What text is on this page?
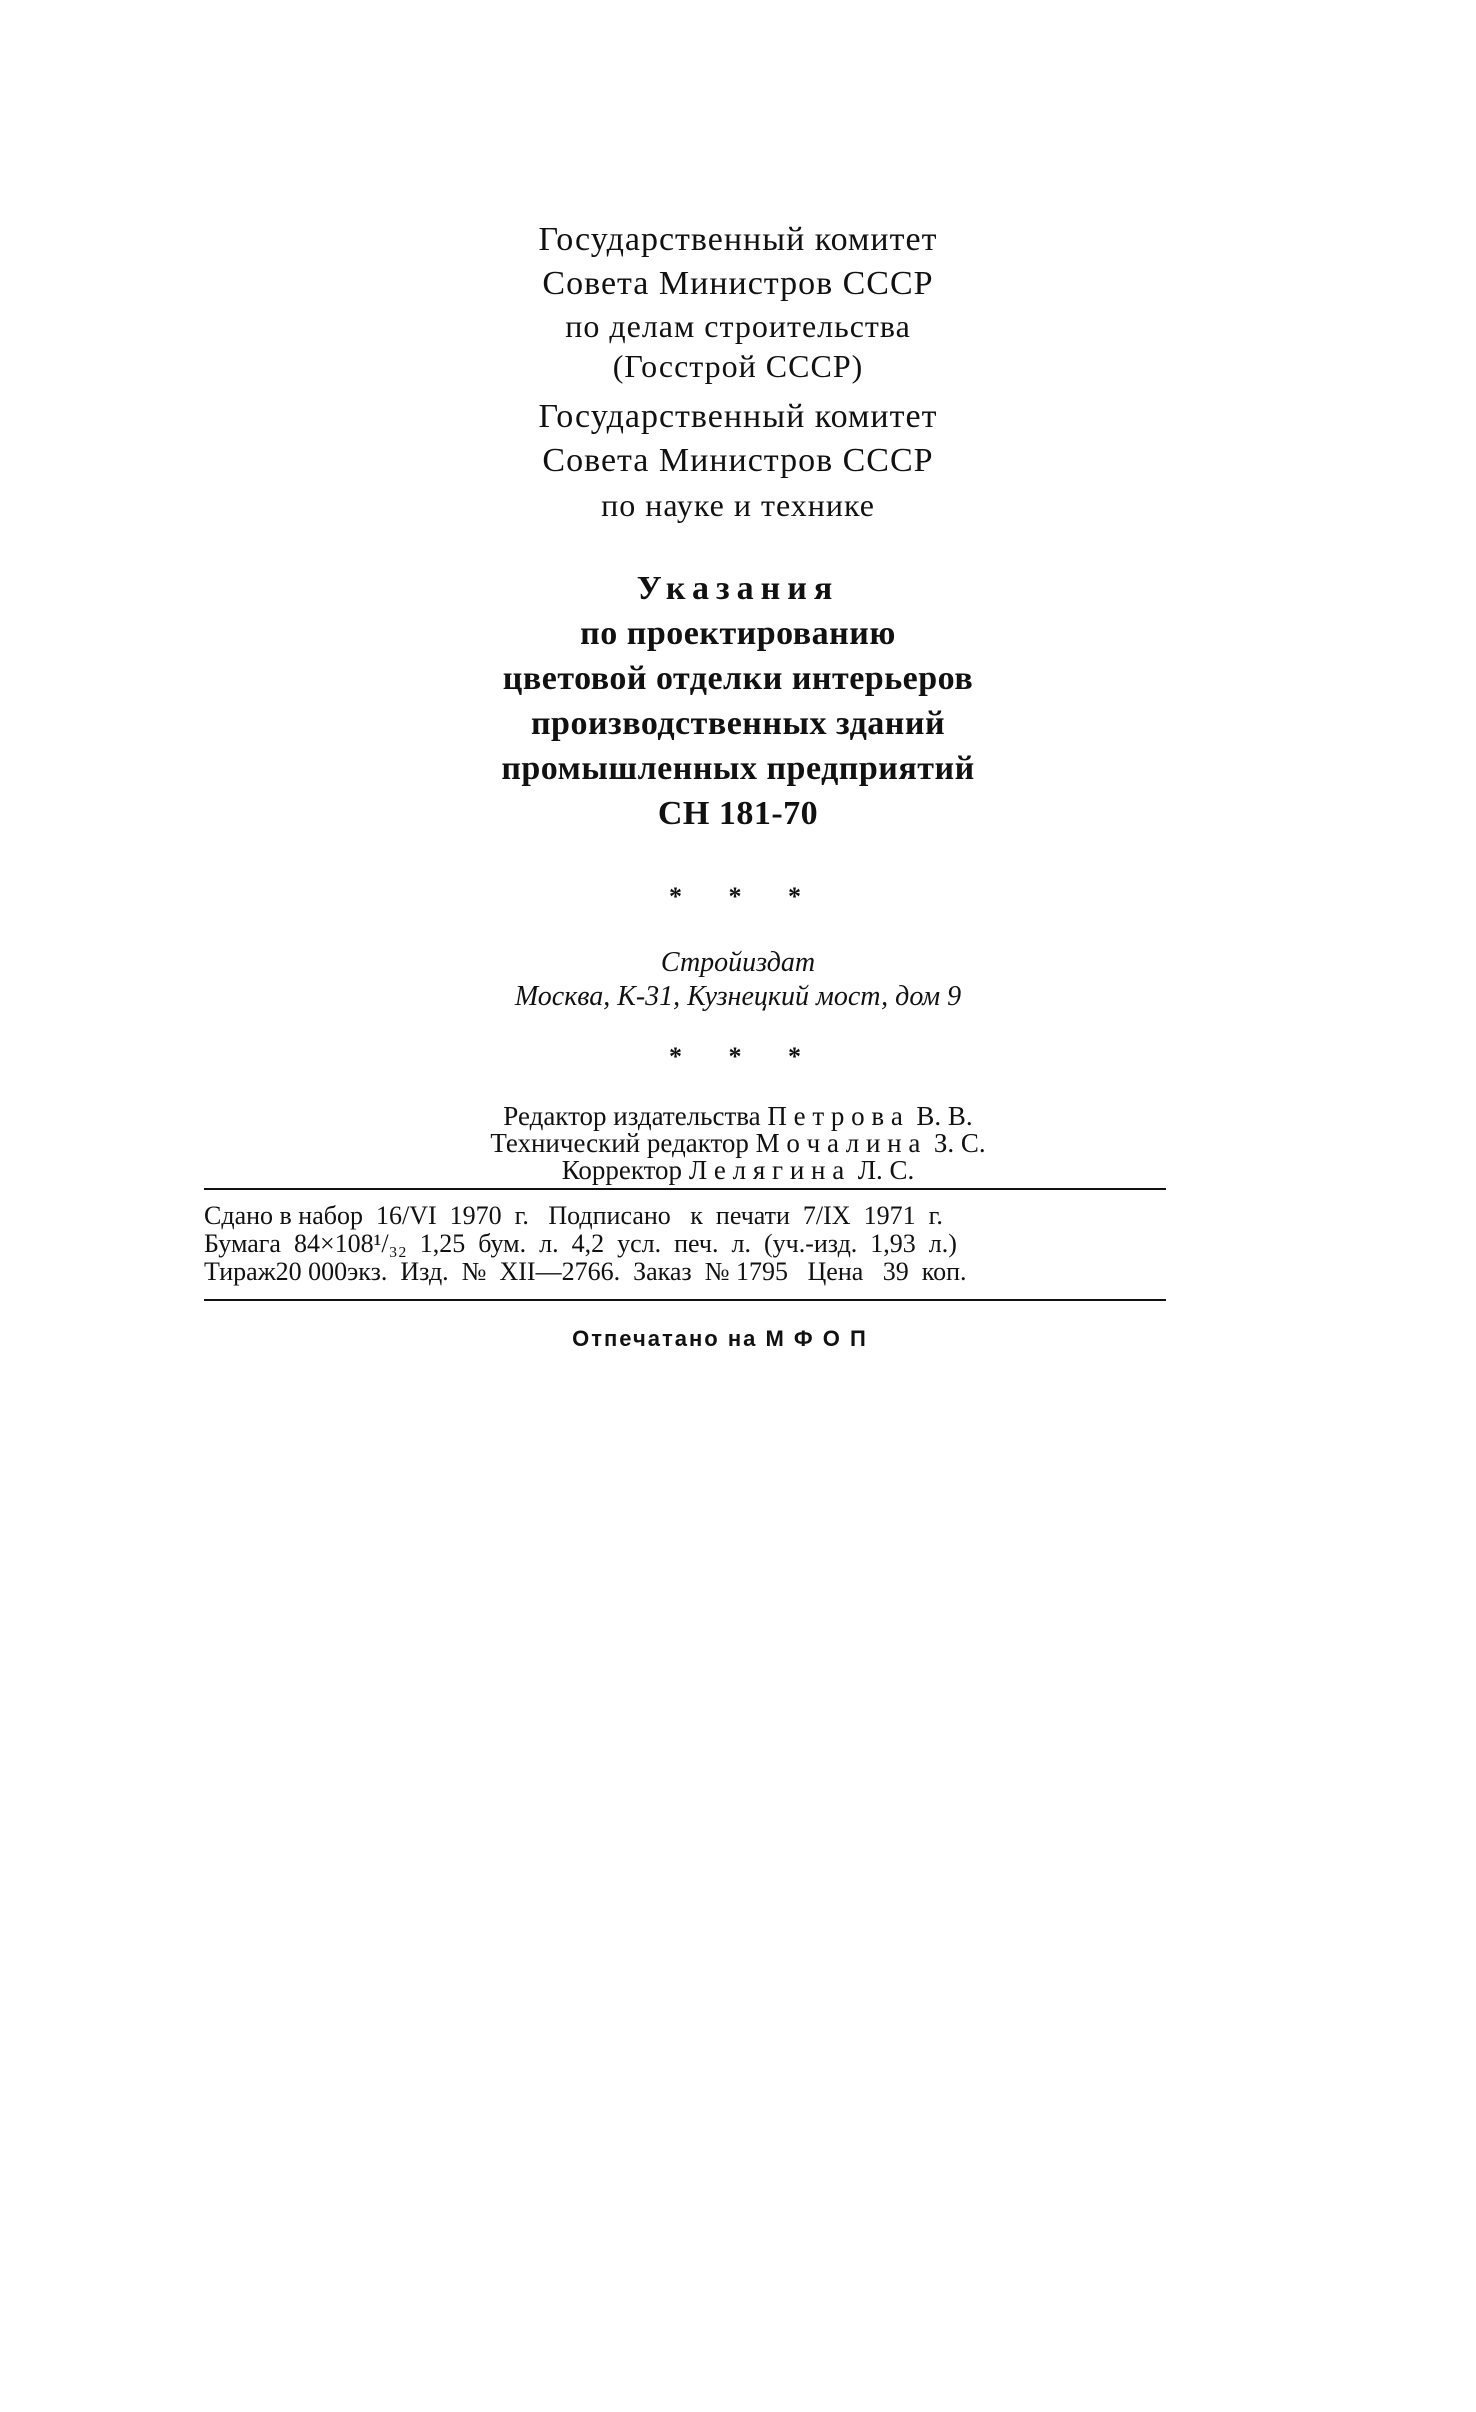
Государственный комитет
Совета Министров СССР
по делам строительства
(Госстрой СССР)
Государственный комитет
Совета Министров СССР
по науке и технике
Указания
по проектированию
цветовой отделки интерьеров
производственных зданий
промышленных предприятий
СН 181-70
* * *
Стройиздат
Москва, К-31, Кузнецкий мост, дом 9
* * *
Редактор издательства П е т р о в а  В. В.
Технический редактор М о ч а л и н а  З. С.
Корректор Л е л я г и н а  Л. С.
Сдано в набор  16/VI  1970  г.   Подписано   к  печати  7/IX  1971  г.
Бумага  84×108¹/₃₂  1,25  бум.  л.  4,2  усл.  печ.  л.  (уч.-изд.  1,93  л.)
Тираж20 000экз.  Изд.  №  XII—2766.  Заказ  № 1795   Цена   39  коп.
Отпечатано на М Ф О П
